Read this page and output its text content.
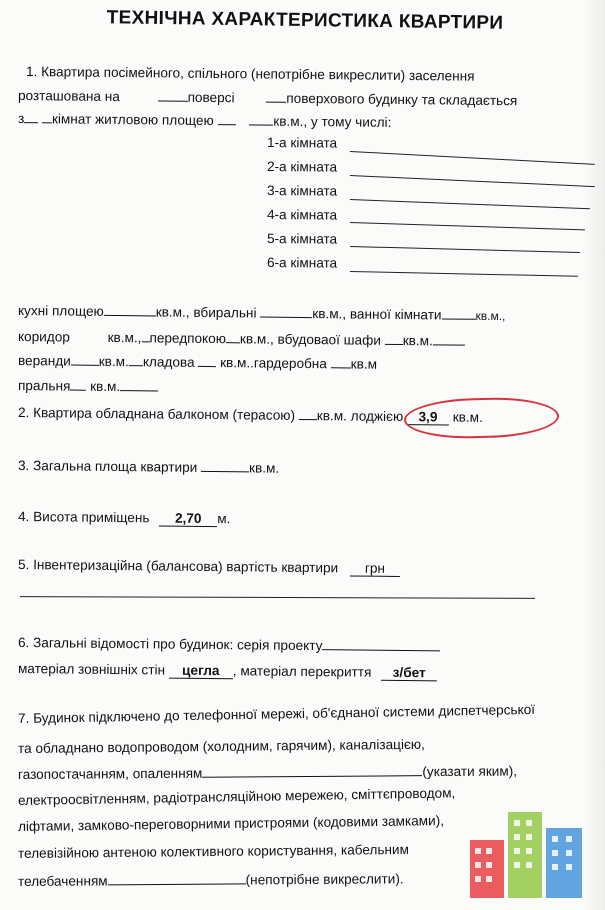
ТЕХНІЧНА ХАРАКТЕРИСТИКА КВАРТИРИ
1. Квартира посімейного, спільного (непотрібне викреслити) заселення
розташована на	поверсі	поверхового будинку та складається
з кімнат житловою площею	кв.м., у тому числі:
1-а кімната
2-а кімната
3-а кімната
4-а кімната
5-а кімната
6-а кімната
кухні площею	кв.м., вбиральні	кв.м., ванної кімнати	кв.м.,
коридор	кв.м., передпокою кв.м., вбудоваої шафи кв.м.
веранди кв.м. кладова кв.м..гардеробна кв.м
пральня кв.м.
2. Квартира обладнана балконом (терасою) кв.м. лоджією 3,9 кв.м.
3. Загальна площа квартири	кв.м.
4. Висота приміщень 2,70 м.
5. Інвентеризаційна (балансова) вартість квартири грн
6. Загальні відомості про будинок: серія проекту
матеріал зовнішніх стін цегла , матеріал перекриття з/бет
7. Будинок підключено до телефонної мережі, об'єднаної системи диспетчерської
та обладнано водопроводом (холодним, гарячим), каналізацією,
газопостачанням, опаленням	(указати яким),
електроосвітленням, радіотрансляційною мережею, сміттєпроводом,
ліфтами, замково-переговорними пристроями (кодовими замками),
телевізійною антеною колективного користування, кабельним
телебаченням	(непотрібне викреслити).
